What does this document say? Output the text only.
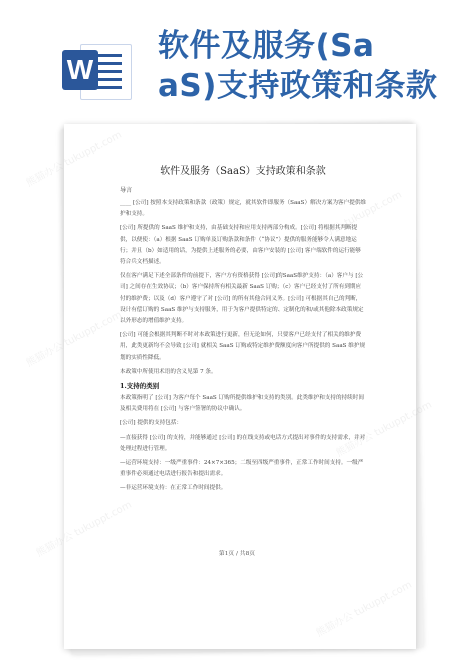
W
软件及服务(Sa
aS)支持政策和条款
软件及服务（SaaS）支持政策和条款
导言

____ [公司] 按照本支持政策和条款（政策）规定，就其软件即服务（SaaS）解决方案为客户提供维护和支持。

[公司] 所提供的 SaaS 维护和支持，由基础支持和应用支持两部分构成。[公司] 将根据其判断提供，以便使：（a）根据 SaaS 订购单及订购条款和条件（“协议”）提供的服务能够令人满意地运行；并且（b）如适用的话，为提供上述服务的必要，由客户安装的 [公司] 客户端软件的运行能够符合兵文档描述。

仅在客户满足下述全部条件的前提下，客户方有资格获得 [公司]的SaaS维护支持：（a）客户与 [公司] 之间存在生效协议；（b）客户保持所有相关最新 SaaS 订购；（c）客户已经支付了所有到期应付的维护费；以及（d）客户遵守了对 [公司] 的所有其他合同义务。[公司] 可根据其自己的判断，设计有偿订购的 SaaS 维护与支持服务，用于为客户提供特定的、定制化的和/或其他除本政策规定以外形态的增值维护支持。

[公司] 可能会根据其判断不时对本政策进行更新，但无论如何，只要客户已经支付了相关的维护费用，此类更新均不会导致 [公司] 就相关 SaaS 订购或特定维护费额度向客户所提供的 SaaS 维护规划的实质性降低。

本政策中所使用术语的含义见第 7 条。

1.支持的类别

本政策指明了 [公司] 为客户每个 SaaS 订购所提供维护和支持的类别。此类维护和支持的持续时间及相关费用将在 [公司] 与客户签署的协议中确认。

[公司] 提供的支持包括：

—直接获得 [公司] 的支持，并能够通过 [公司] 的在线支持或电话方式提出对事件的支持需求，并对处理过程进行管理。

—运营环境支持：一级严重事件：24×7×365；二级至四级严重事件，正常工作时间支持。一级严重事件必须通过电话进行报告和提出需求。

—非运营环境支持：在正常工作时间提供。

第1页 / 共8页
熊猫办公
熊猫办公
熊猫办公
